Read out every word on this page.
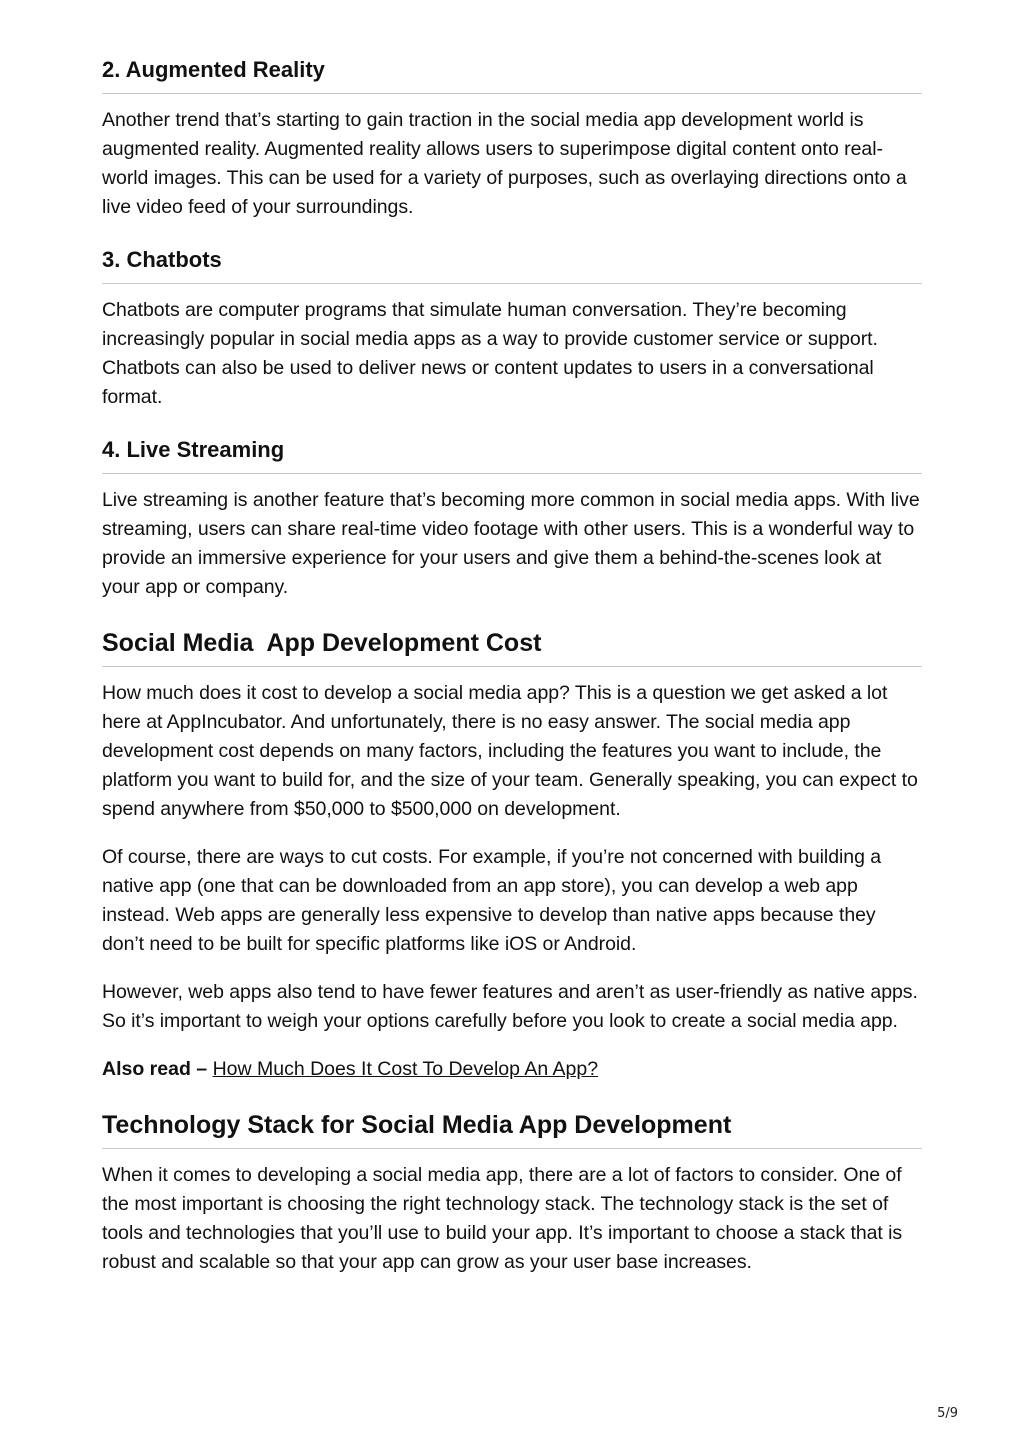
2. Augmented Reality

Another trend that’s starting to gain traction in the social media app development world is augmented reality. Augmented reality allows users to superimpose digital content onto real-world images. This can be used for a variety of purposes, such as overlaying directions onto a live video feed of your surroundings.

3. Chatbots

Chatbots are computer programs that simulate human conversation. They’re becoming increasingly popular in social media apps as a way to provide customer service or support. Chatbots can also be used to deliver news or content updates to users in a conversational format.

4. Live Streaming

Live streaming is another feature that’s becoming more common in social media apps. With live streaming, users can share real-time video footage with other users. This is a wonderful way to provide an immersive experience for your users and give them a behind-the-scenes look at your app or company.

Social Media  App Development Cost

How much does it cost to develop a social media app? This is a question we get asked a lot here at AppIncubator. And unfortunately, there is no easy answer. The social media app development cost depends on many factors, including the features you want to include, the platform you want to build for, and the size of your team. Generally speaking, you can expect to spend anywhere from $50,000 to $500,000 on development.

Of course, there are ways to cut costs. For example, if you’re not concerned with building a native app (one that can be downloaded from an app store), you can develop a web app instead. Web apps are generally less expensive to develop than native apps because they don’t need to be built for specific platforms like iOS or Android.

However, web apps also tend to have fewer features and aren’t as user-friendly as native apps. So it’s important to weigh your options carefully before you look to create a social media app.

Also read – How Much Does It Cost To Develop An App?

Technology Stack for Social Media App Development

When it comes to developing a social media app, there are a lot of factors to consider. One of the most important is choosing the right technology stack. The technology stack is the set of tools and technologies that you’ll use to build your app. It’s important to choose a stack that is robust and scalable so that your app can grow as your user base increases.

5/9
